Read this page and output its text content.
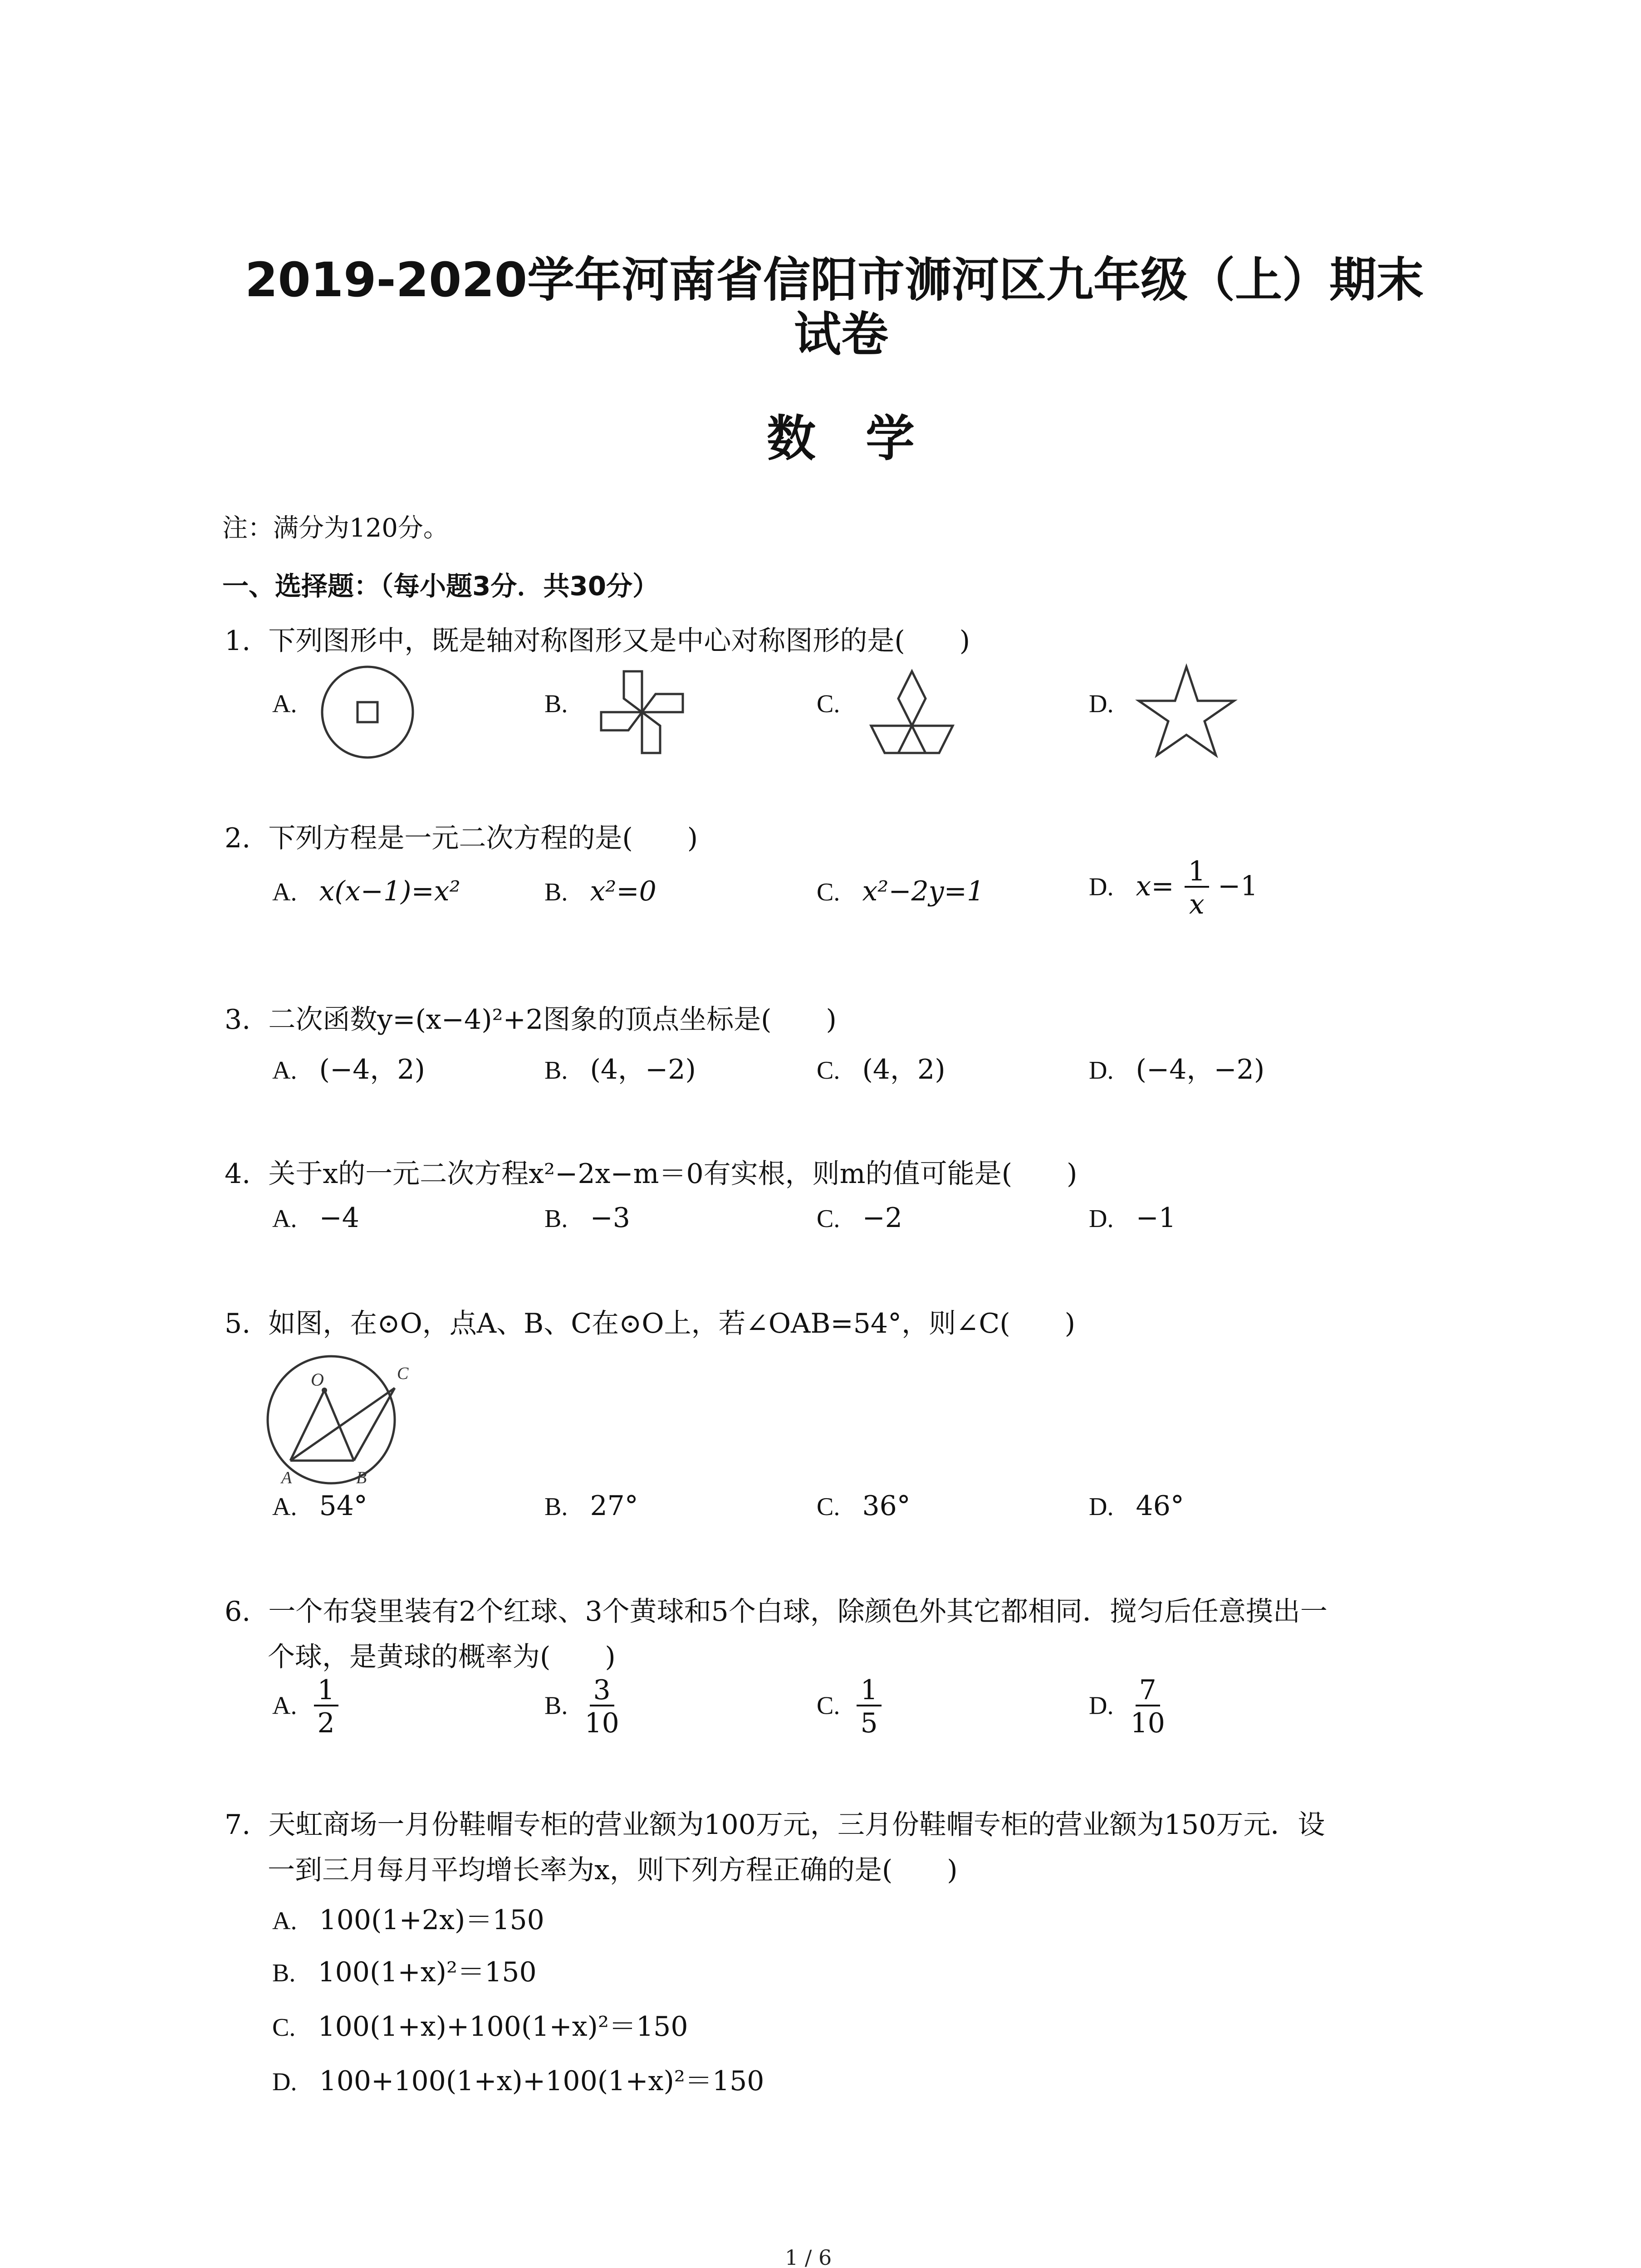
2019-2020学年河南省信阳市浉河区九年级（上）期末
试卷
数学
注：满分为120分。
一、选择题：（每小题3分．共30分）
1. 下列图形中，既是轴对称图形又是中心对称图形的是(　　)
A.	B.	C.	D.
2. 下列方程是一元二次方程的是(　　)
A. x(x−1)=x²	B. x²=0	C. x²−2y=1	D. $x= \frac{1}{x} -1$
3. 二次函数y=(x−4)²+2图象的顶点坐标是(　　)
A. (−4，2)	B. (4，−2)	C. (4，2)	D. (−4，−2)
4. 关于x的一元二次方程x²−2x−m＝0有实根，则m的值可能是(　　)
A. −4	B. −3	C. −2	D. −1
5. 如图，在⊙O，点A、B、C在⊙O上，若∠OAB=54°，则∠C(　　)
O
A	B
C
A. 54°	B. 27°	C. 36°	D. 46°
6. 一个布袋里装有2个红球、3个黄球和5个白球，除颜色外其它都相同．搅匀后任意摸出一
个球，是黄球的概率为(　　)
A. $\frac{1}{2}$	B. $\frac{3}{10}$	C. $\frac{1}{5}$	D. $\frac{7}{10}$
7. 天虹商场一月份鞋帽专柜的营业额为100万元，三月份鞋帽专柜的营业额为150万元．设
一到三月每月平均增长率为x，则下列方程正确的是(　　)
A. 100(1+2x)＝150
B. 100(1+x)²＝150
C. 100(1+x)+100(1+x)²＝150
D. 100+100(1+x)+100(1+x)²＝150
1 / 6
